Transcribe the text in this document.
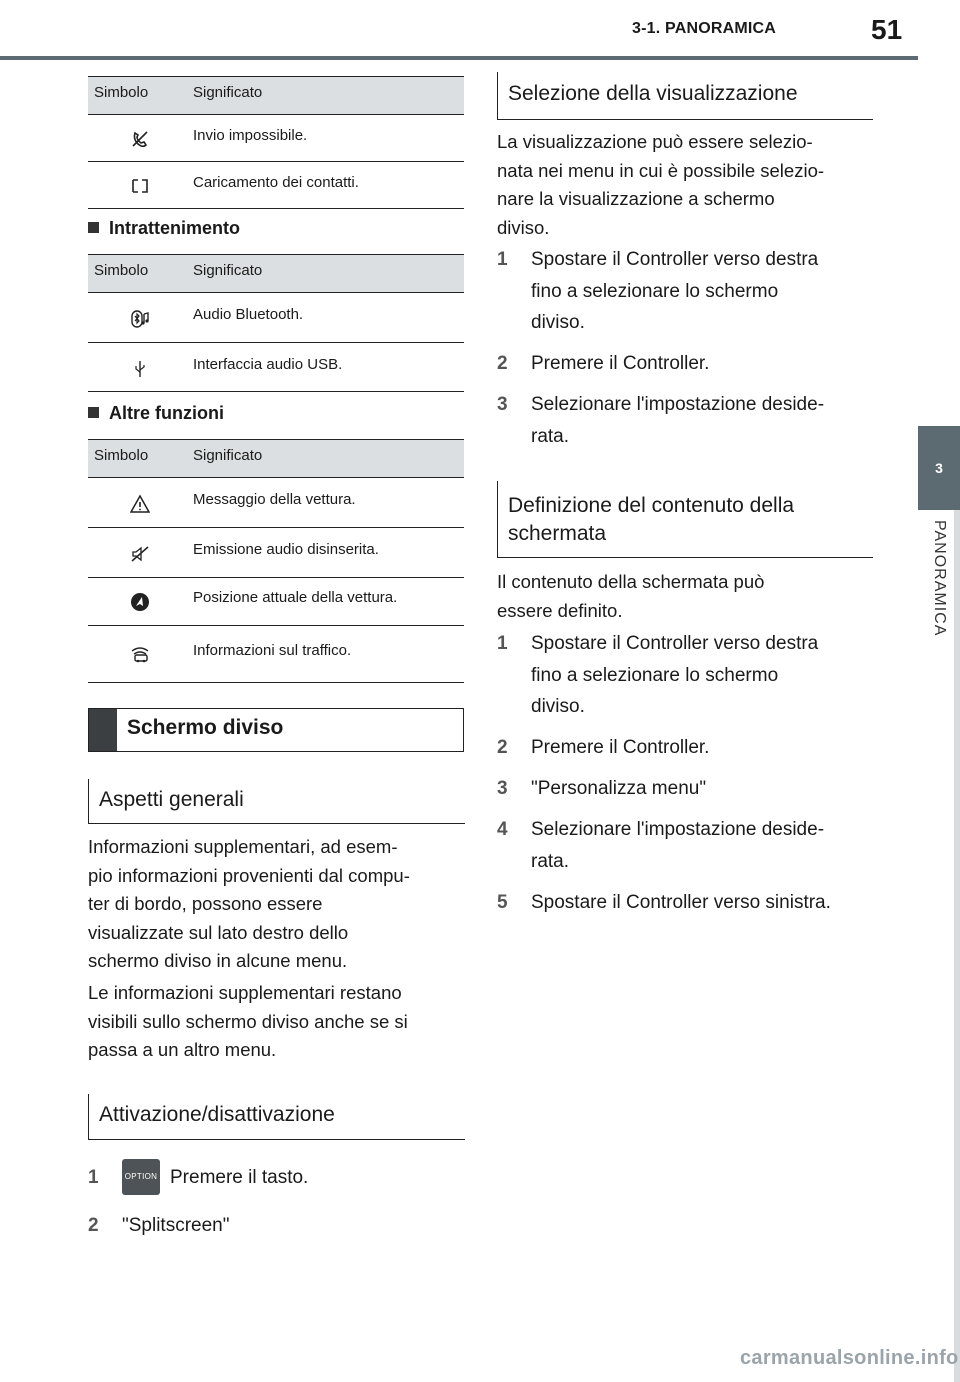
3-1. PANORAMICA	51
3
PANORAMICA
Simbolo	Significato
Invio impossibile.
Caricamento dei contatti.
Intrattenimento
Simbolo	Significato
Audio Bluetooth.
Interfaccia audio USB.
Altre funzioni
Simbolo	Significato
Messaggio della vettura.
Emissione audio disinserita.
Posizione attuale della vettura.
Informazioni sul traffico.
Schermo diviso
Aspetti generali
Informazioni supplementari, ad esem-
pio informazioni provenienti dal compu-
ter di bordo, possono essere
visualizzate sul lato destro dello
schermo diviso in alcune menu.
Le informazioni supplementari restano
visibili sullo schermo diviso anche se si
passa a un altro menu.
Attivazione/disattivazione
1	Premere il tasto.
OPTION
2 "Splitscreen"
Selezione della visualizzazione
La visualizzazione può essere selezio-
nata nei menu in cui è possibile selezio-
nare la visualizzazione a schermo
diviso.
1 Spostare il Controller verso destra
fino a selezionare lo schermo
diviso.
2 Premere il Controller.
3 Selezionare l'impostazione deside-
rata.
Definizione del contenuto della
schermata
Il contenuto della schermata può
essere definito.
1 Spostare il Controller verso destra
fino a selezionare lo schermo
diviso.
2 Premere il Controller.
3 "Personalizza menu"
4 Selezionare l'impostazione deside-
rata.
5 Spostare il Controller verso sinistra.
carmanualsonline.info
